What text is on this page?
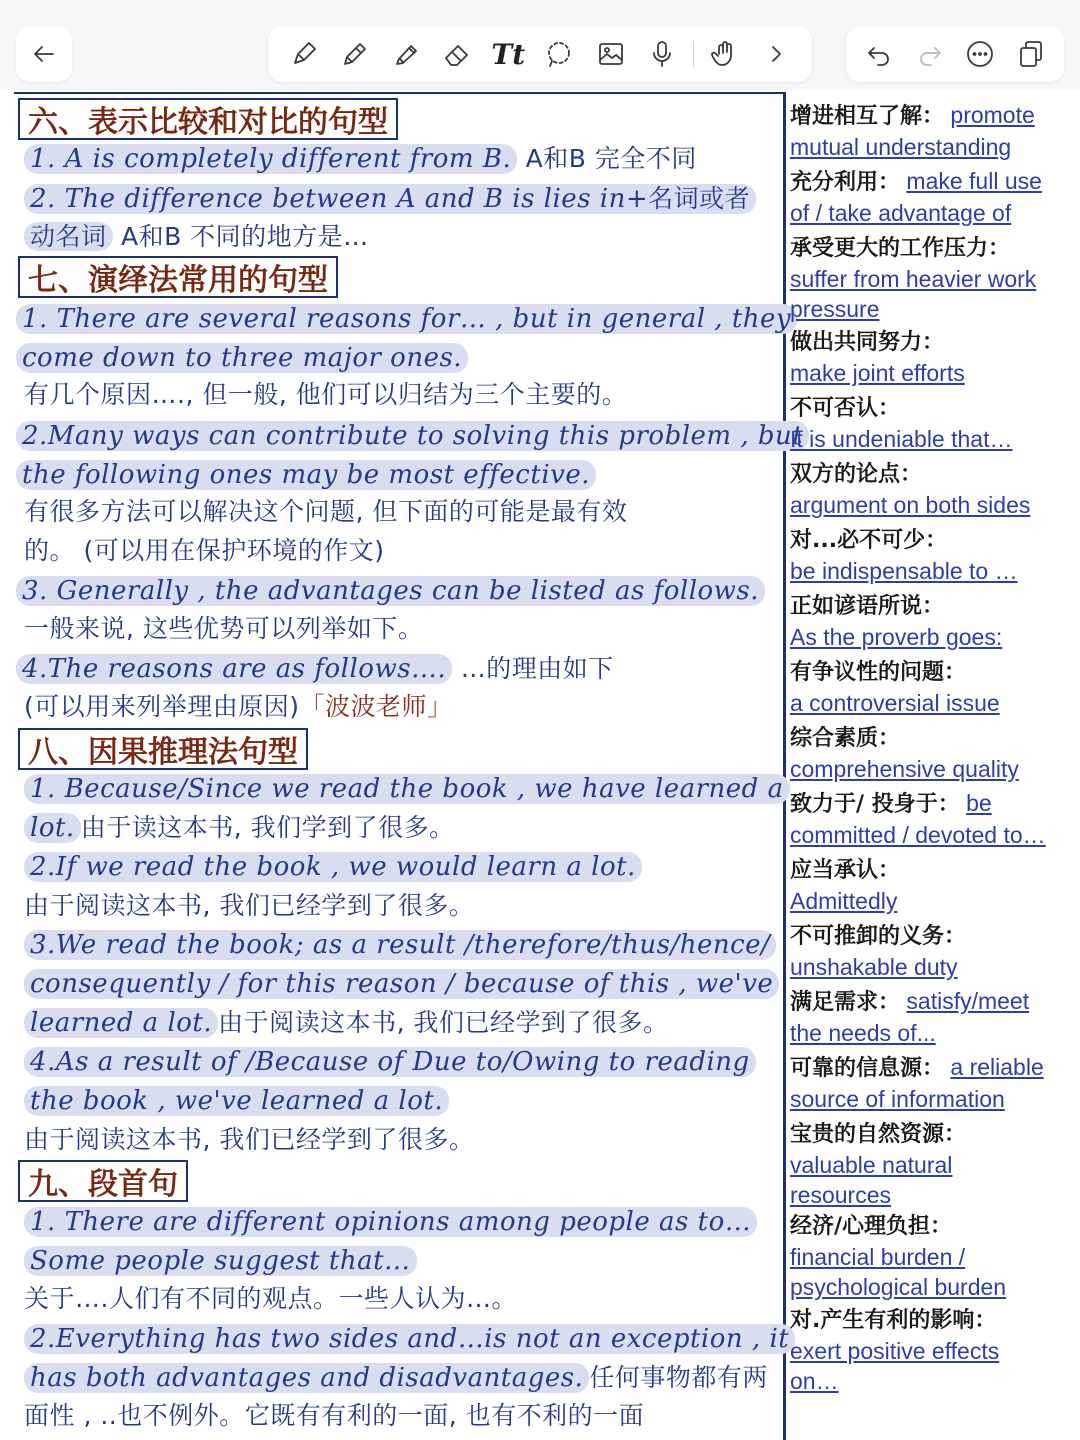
Tt
六、表示比较和对比的句型
1. A is completely different from B. A和B 完全不同
2. The difference between A and B is lies in+名词或者
动名词 A和B 不同的地方是…
七、演绎法常用的句型
1. There are several reasons for… , but in general , they
come down to three major ones.
有几个原因…., 但一般, 他们可以归结为三个主要的。
2.Many ways can contribute to solving this problem , but
the following ones may be most effective.
有很多方法可以解决这个问题, 但下面的可能是最有效
的。 (可以用在保护环境的作文)
3. Generally , the advantages can be listed as follows.
一般来说, 这些优势可以列举如下。
4.The reasons are as follows…. …的理由如下
(可以用来列举理由原因)「波波老师」
八、因果推理法句型
1. Because/Since we read the book , we have learned a
lot. 由于读这本书, 我们学到了很多。
2.If we read the book , we would learn a lot.
由于阅读这本书, 我们已经学到了很多。
3.We read the book; as a result /therefore/thus/hence/
consequently / for this reason / because of this , we've
learned a lot. 由于阅读这本书, 我们已经学到了很多。
4.As a result of /Because of Due to/Owing to reading
the book , we've learned a lot.
由于阅读这本书, 我们已经学到了很多。
九、段首句
1. There are different opinions among people as to…
Some people suggest that…
关于….人们有不同的观点。一些人认为…。
2.Everything has two sides and…is not an exception , it
has both advantages and disadvantages. 任何事物都有两
面性 , ..也不例外。它既有有利的一面, 也有不利的一面
增进相互了解： promote
mutual understanding
充分利用： make full use
of / take advantage of
承受更大的工作压力：
suffer from heavier work
pressure
做出共同努力：
make joint efforts
不可否认：
It is undeniable that…
双方的论点：
argument on both sides
对...必不可少：
be indispensable to …
正如谚语所说：
As the proverb goes:
有争议性的问题：
a controversial issue
综合素质：
comprehensive quality
致力于/ 投身于： be
committed / devoted to…
应当承认：
Admittedly
不可推卸的义务：
unshakable duty
满足需求： satisfy/meet
the needs of...
可靠的信息源： a reliable
source of information
宝贵的自然资源：
valuable natural
resources
经济/心理负担：
financial burden /
psychological burden
对.产生有利的影响：
exert positive effects
on…
